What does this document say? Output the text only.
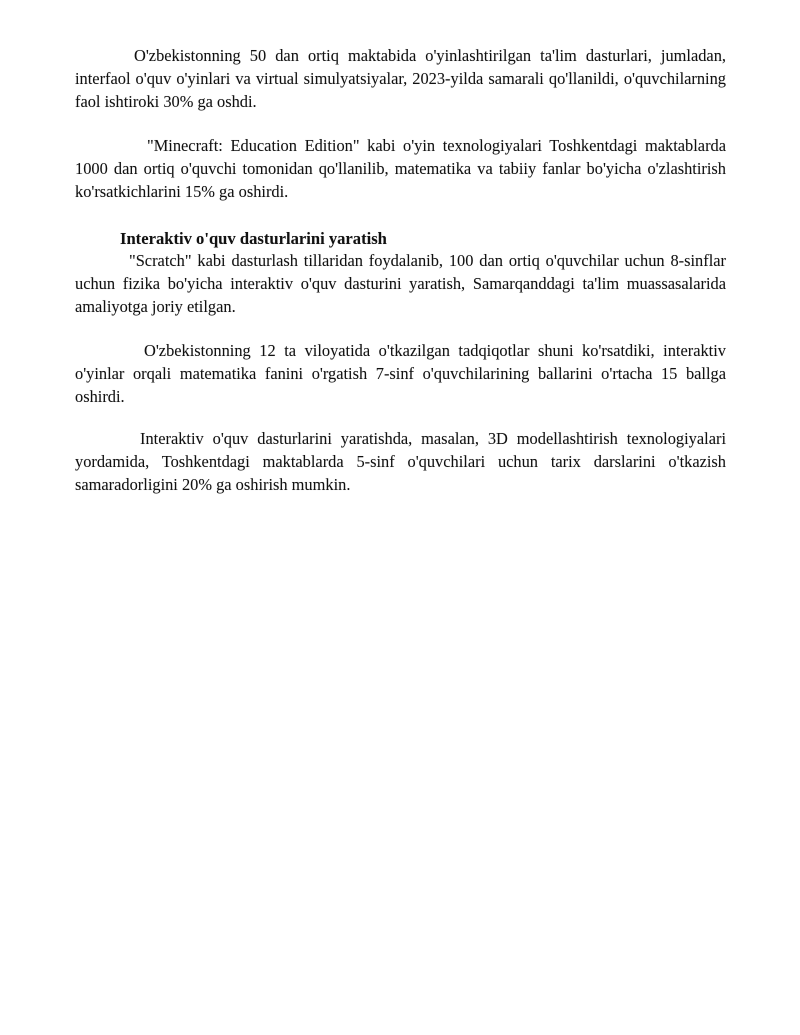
O'zbekistonning 50 dan ortiq maktabida o'yinlashtirilgan ta'lim dasturlari, jumladan, interfaol o'quv o'yinlari va virtual simulyatsiyalar, 2023-yilda samarali qo'llanildi, o'quvchilarning faol ishtiroki 30% ga oshdi.

"Minecraft: Education Edition" kabi o'yin texnologiyalari Toshkentdagi maktablarda 1000 dan ortiq o'quvchi tomonidan qo'llanilib, matematika va tabiiy fanlar bo'yicha o'zlashtirish ko'rsatkichlarini 15% ga oshirdi.

Interaktiv o'quv dasturlarini yaratish

"Scratch" kabi dasturlash tillaridan foydalanib, 100 dan ortiq o'quvchilar uchun 8-sinflar uchun fizika bo'yicha interaktiv o'quv dasturini yaratish, Samarqanddagi ta'lim muassasalarida amaliyotga joriy etilgan.

O'zbekistonning 12 ta viloyatida o'tkazilgan tadqiqotlar shuni ko'rsatdiki, interaktiv o'yinlar orqali matematika fanini o'rgatish 7-sinf o'quvchilarining ballarini o'rtacha 15 ballga oshirdi.

Interaktiv o'quv dasturlarini yaratishda, masalan, 3D modellashtirish texnologiyalari yordamida, Toshkentdagi maktablarda 5-sinf o'quvchilari uchun tarix darslarini o'tkazish samaradorligini 20% ga oshirish mumkin.
